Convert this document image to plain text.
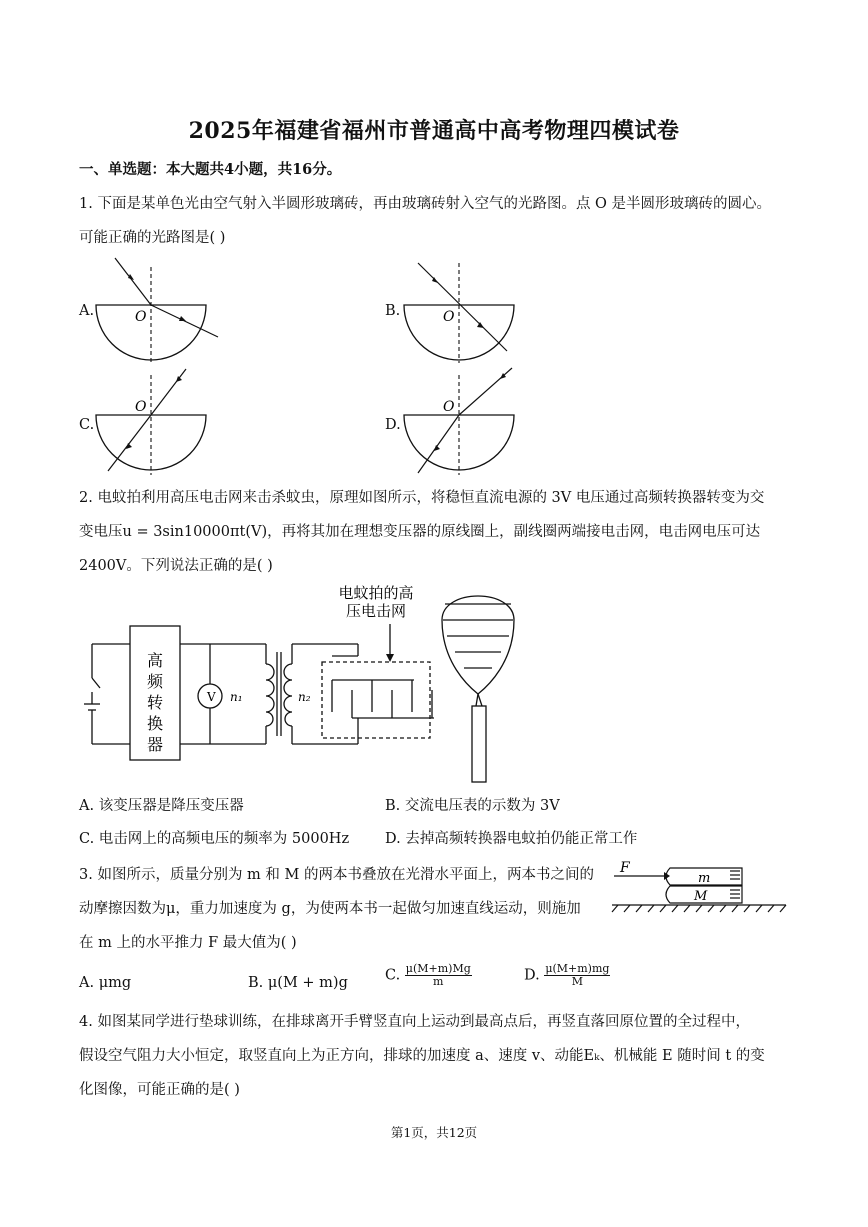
2025年福建省福州市普通高中高考物理四模试卷
一、单选题：本大题共4小题，共16分。
1. 下面是某单色光由空气射入半圆形玻璃砖，再由玻璃砖射入空气的光路图。点 O 是半圆形玻璃砖的圆心。
可能正确的光路图是( )
A.	O	B.	O
C.
O
D.
O
2. 电蚊拍利用高压电击网来击杀蚊虫，原理如图所示，将稳恒直流电源的 3V 电压通过高频转换器转变为交
变电压u = 3sin10000πt(V)，再将其加在理想变压器的原线圈上，副线圈两端接电击网，电击网电压可达
2400V。下列说法正确的是( )
V n₁	n₂
高
频
转
换
器
电蚊拍的高
压电击网
A. 该变压器是降压变压器	B. 交流电压表的示数为 3V
C. 电击网上的高频电压的频率为 5000Hz D. 去掉高频转换器电蚊拍仍能正常工作
3. 如图所示，质量分别为 m 和 M 的两本书叠放在光滑水平面上，两本书之间的
动摩擦因数为μ，重力加速度为 g，为使两本书一起做匀加速直线运动，则施加
在 m 上的水平推力 F 最大值为( )
F
m
M
A. μmg	B. μ(M + m)g	C. $\frac{\mu(M+m)Mg}{m}$	D. $\frac{\mu(M+m)mg}{M}$
4. 如图某同学进行垫球训练，在排球离开手臂竖直向上运动到最高点后，再竖直落回原位置的全过程中，
假设空气阻力大小恒定，取竖直向上为正方向，排球的加速度 a、速度 v、动能Eₖ、机械能 E 随时间 t 的变
化图像，可能正确的是( )
第1页，共12页
